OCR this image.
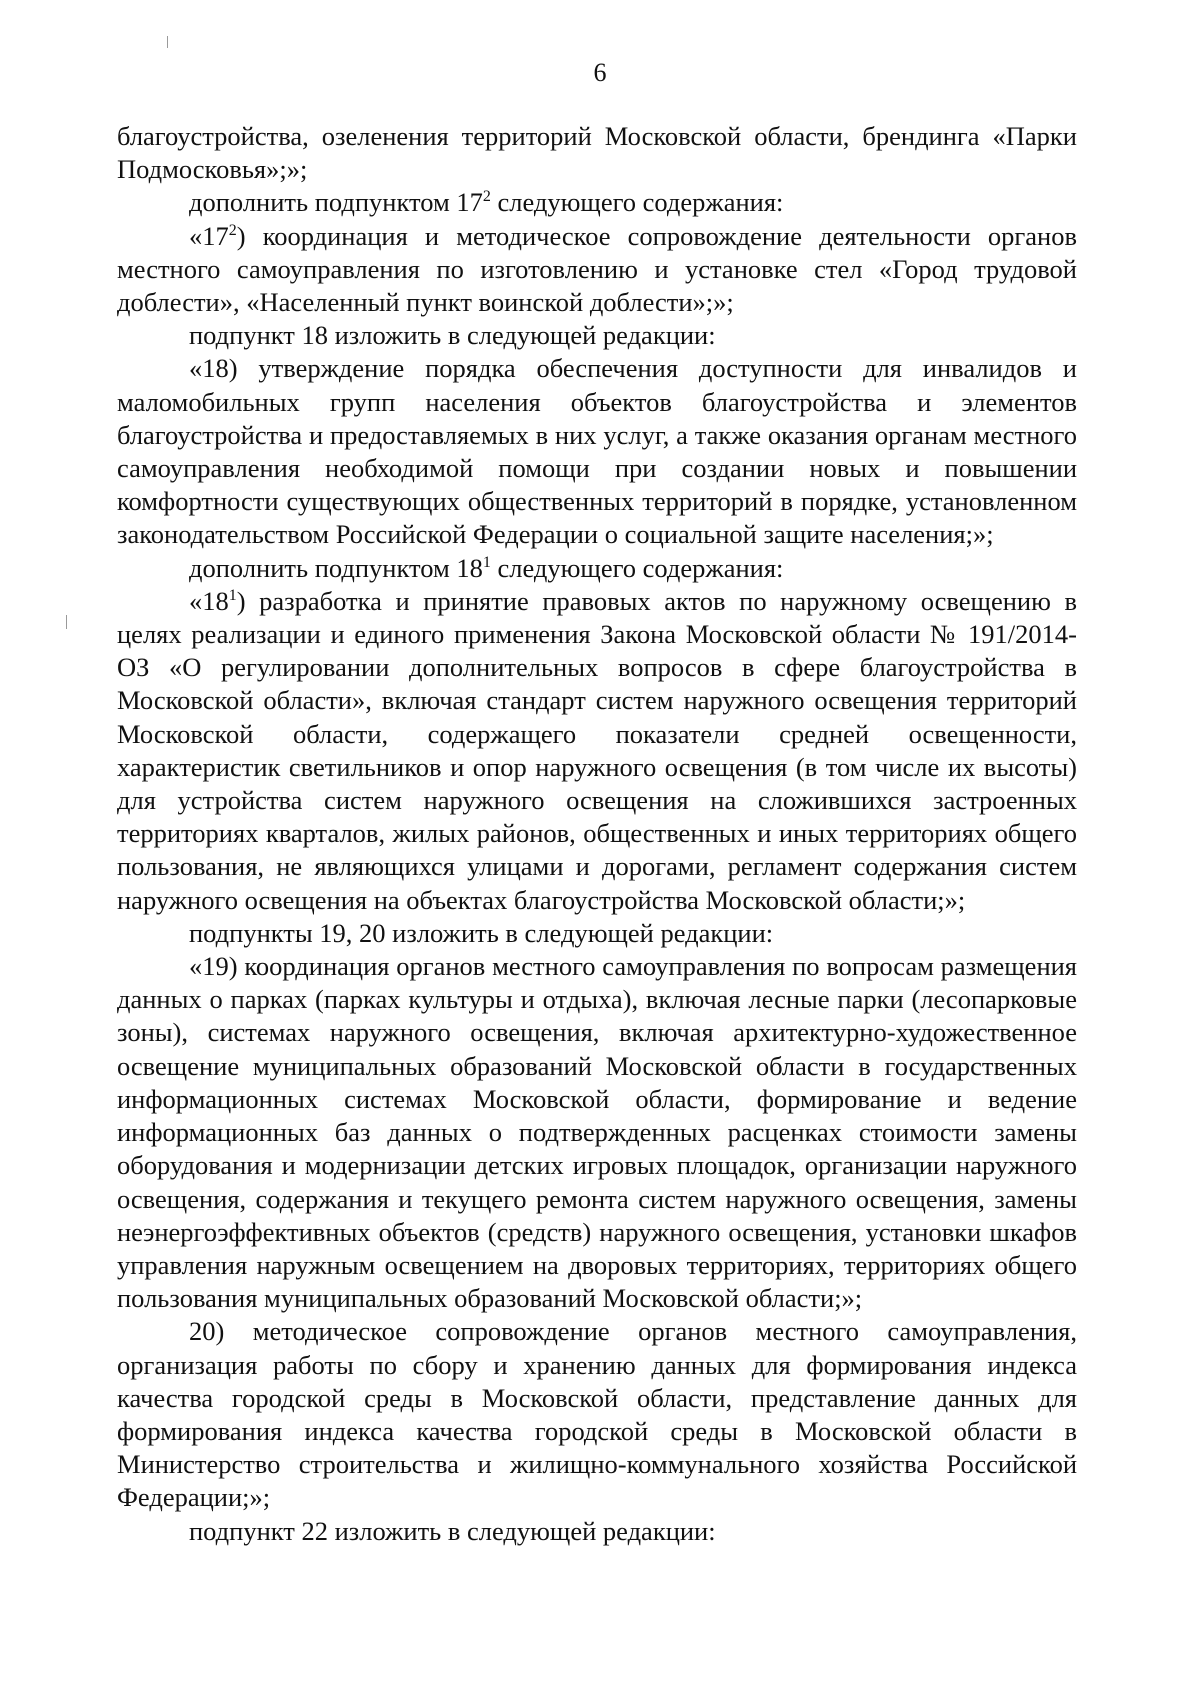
6

благоустройства, озеленения территорий Московской области, брендинга «Парки Подмосковья»;»;

дополнить подпунктом $17^2$ следующего содержания:

«$17^2$) координация и методическое сопровождение деятельности органов местного самоуправления по изготовлению и установке стел «Город трудовой доблести», «Населенный пункт воинской доблести»;»;

подпункт 18 изложить в следующей редакции:

«18) утверждение порядка обеспечения доступности для инвалидов и маломобильных групп населения объектов благоустройства и элементов благоустройства и предоставляемых в них услуг, а также оказания органам местного самоуправления необходимой помощи при создании новых и повышении комфортности существующих общественных территорий в порядке, установленном законодательством Российской Федерации о социальной защите населения;»;

дополнить подпунктом $18^1$ следующего содержания:

«$18^1$) разработка и принятие правовых актов по наружному освещению в целях реализации и единого применения Закона Московской области № 191/2014-ОЗ «О регулировании дополнительных вопросов в сфере благоустройства в Московской области», включая стандарт систем наружного освещения территорий Московской области, содержащего показатели средней освещенности, характеристик светильников и опор наружного освещения (в том числе их высоты) для устройства систем наружного освещения на сложившихся застроенных территориях кварталов, жилых районов, общественных и иных территориях общего пользования, не являющихся улицами и дорогами, регламент содержания систем наружного освещения на объектах благоустройства Московской области;»;

подпункты 19, 20 изложить в следующей редакции:

«19) координация органов местного самоуправления по вопросам размещения данных о парках (парках культуры и отдыха), включая лесные парки (лесопарковые зоны), системах наружного освещения, включая архитектурно-художественное освещение муниципальных образований Московской области в государственных информационных системах Московской области, формирование и ведение информационных баз данных о подтвержденных расценках стоимости замены оборудования и модернизации детских игровых площадок, организации наружного освещения, содержания и текущего ремонта систем наружного освещения, замены неэнергоэффективных объектов (средств) наружного освещения, установки шкафов управления наружным освещением на дворовых территориях, территориях общего пользования муниципальных образований Московской области;»;

20) методическое сопровождение органов местного самоуправления, организация работы по сбору и хранению данных для формирования индекса качества городской среды в Московской области, представление данных для формирования индекса качества городской среды в Московской области в Министерство строительства и жилищно-коммунального хозяйства Российской Федерации;»;

подпункт 22 изложить в следующей редакции:
